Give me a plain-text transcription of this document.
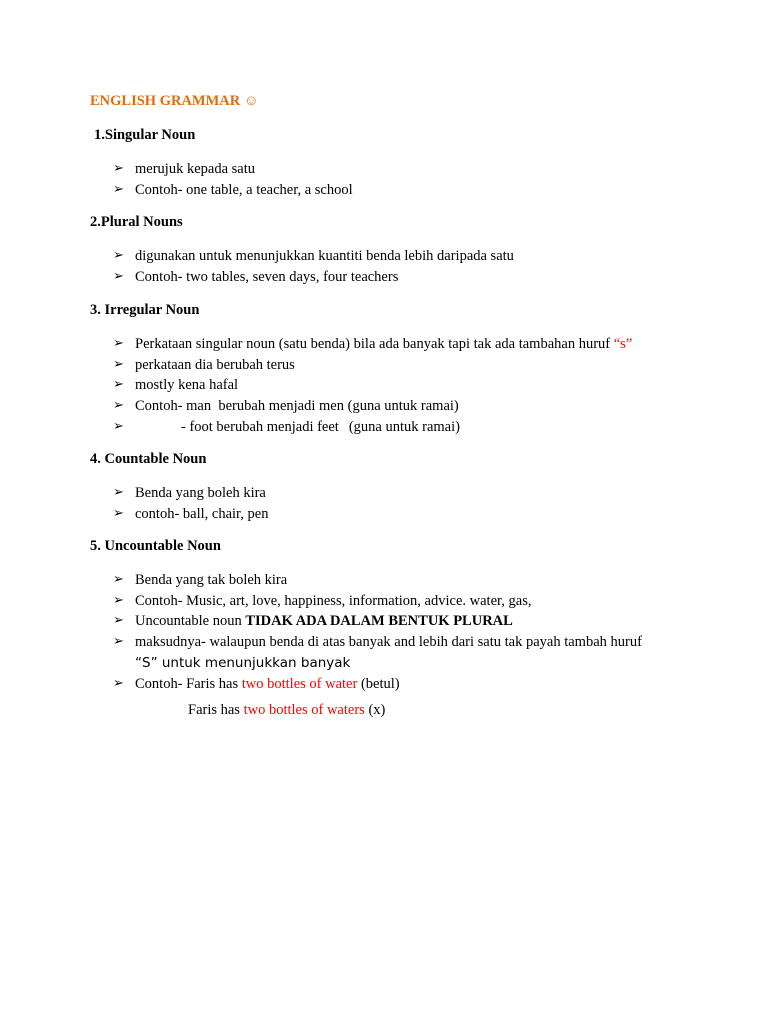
ENGLISH GRAMMAR ☺
1.Singular Noun
➢ merujuk kepada satu
➢ Contoh- one table, a teacher, a school
2.Plural Nouns
➢ digunakan untuk menunjukkan kuantiti benda lebih daripada satu
➢ Contoh- two tables, seven days, four teachers
3. Irregular Noun
➢ Perkataan singular noun (satu benda) bila ada banyak tapi tak ada tambahan huruf “s”
➢ perkataan dia berubah terus
➢ mostly kena hafal
➢ Contoh- man  berubah menjadi men (guna untuk ramai)
➢	- foot berubah menjadi feet (guna untuk ramai)
4. Countable Noun
➢ Benda yang boleh kira
➢ contoh- ball, chair, pen
5. Uncountable Noun
➢ Benda yang tak boleh kira
➢ Contoh- Music, art, love, happiness, information, advice. water, gas,
➢ Uncountable noun TIDAK ADA DALAM BENTUK PLURAL
➢ maksudnya- walaupun benda di atas banyak and lebih dari satu tak payah tambah huruf
“S” untuk menunjukkan banyak
➢ Contoh- Faris has two bottles of water (betul)
Faris has two bottles of waters (x)
